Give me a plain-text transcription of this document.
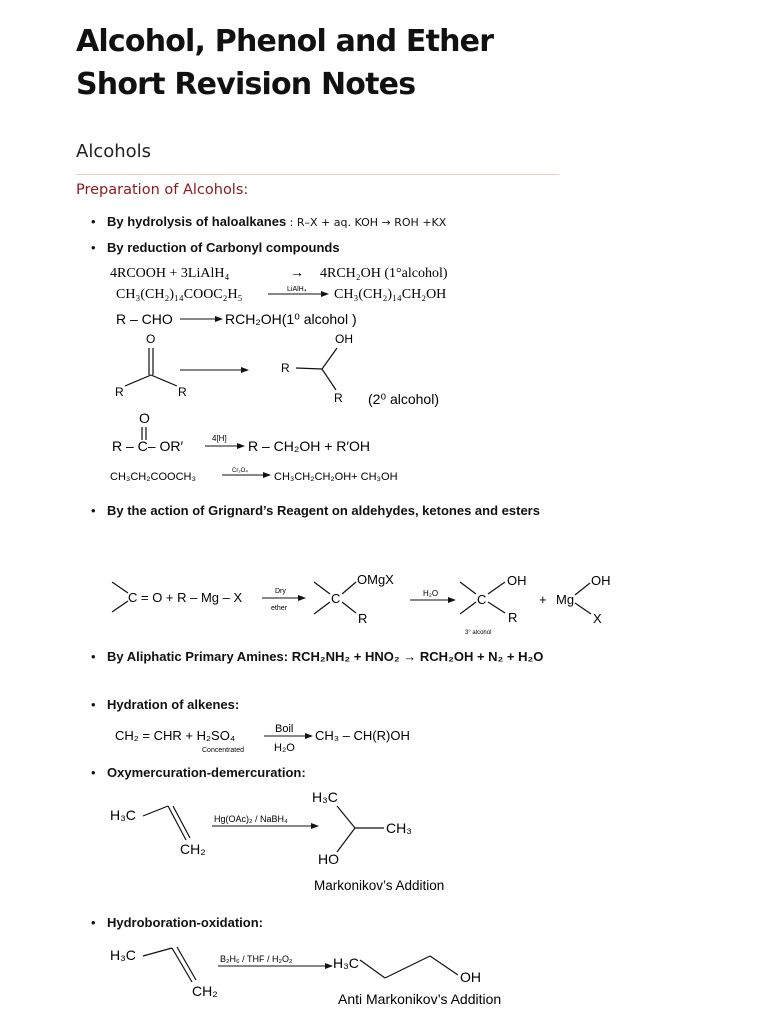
Alcohol, Phenol and Ether
Short Revision Notes
Alcohols
Preparation of Alcohols:
• By hydrolysis of haloalkanes : R–X + aq. KOH → ROH +KX
• By reduction of Carbonyl compounds
• By the action of Grignard’s Reagent on aldehydes, ketones and esters
• By Aliphatic Primary Amines: RCH₂NH₂ + HNO₂ → RCH₂OH + N₂ + H₂O
• Hydration of alkenes:
• Oxymercuration-demercuration:
• Hydroboration-oxidation:
4RCOOH + 3LiAlH₄	→ 4RCH₂OH (1°alcohol)
CH₃(CH₂)₁₄COOC₂H₅	LiAlH₄ CH₃(CH₂)₁₄CH₂OH
R – CHO	RCH₂OH(1⁰ alcohol )
O
R	R
OH
R
R (2⁰ alcohol)
O
R – C– OR′	4[H] R – CH₂OH + R′OH
CH₃CH₂COOCH₃	Cr₂O₄ CH₃CH₂CH₂OH+ CH₃OH
C = O + R – Mg – X	Dry
ether
C
OMgX
R
H₂O	C
OH
R
3° alcohol
+ Mg
OH
X
CH₂ = CHR + H₂SO₄
Concentrated
Boil
H₂O
CH₃ – CH(R)OH
H₃C
CH₂
Hg(OAc)₂ / NaBH₄
H₃C
CH₃
HO
Markonikov’s Addition
H₃C
CH₂
B₂H₆ / THF / H₂O₂	H₃C
OH
Anti Markonikov’s Addition
